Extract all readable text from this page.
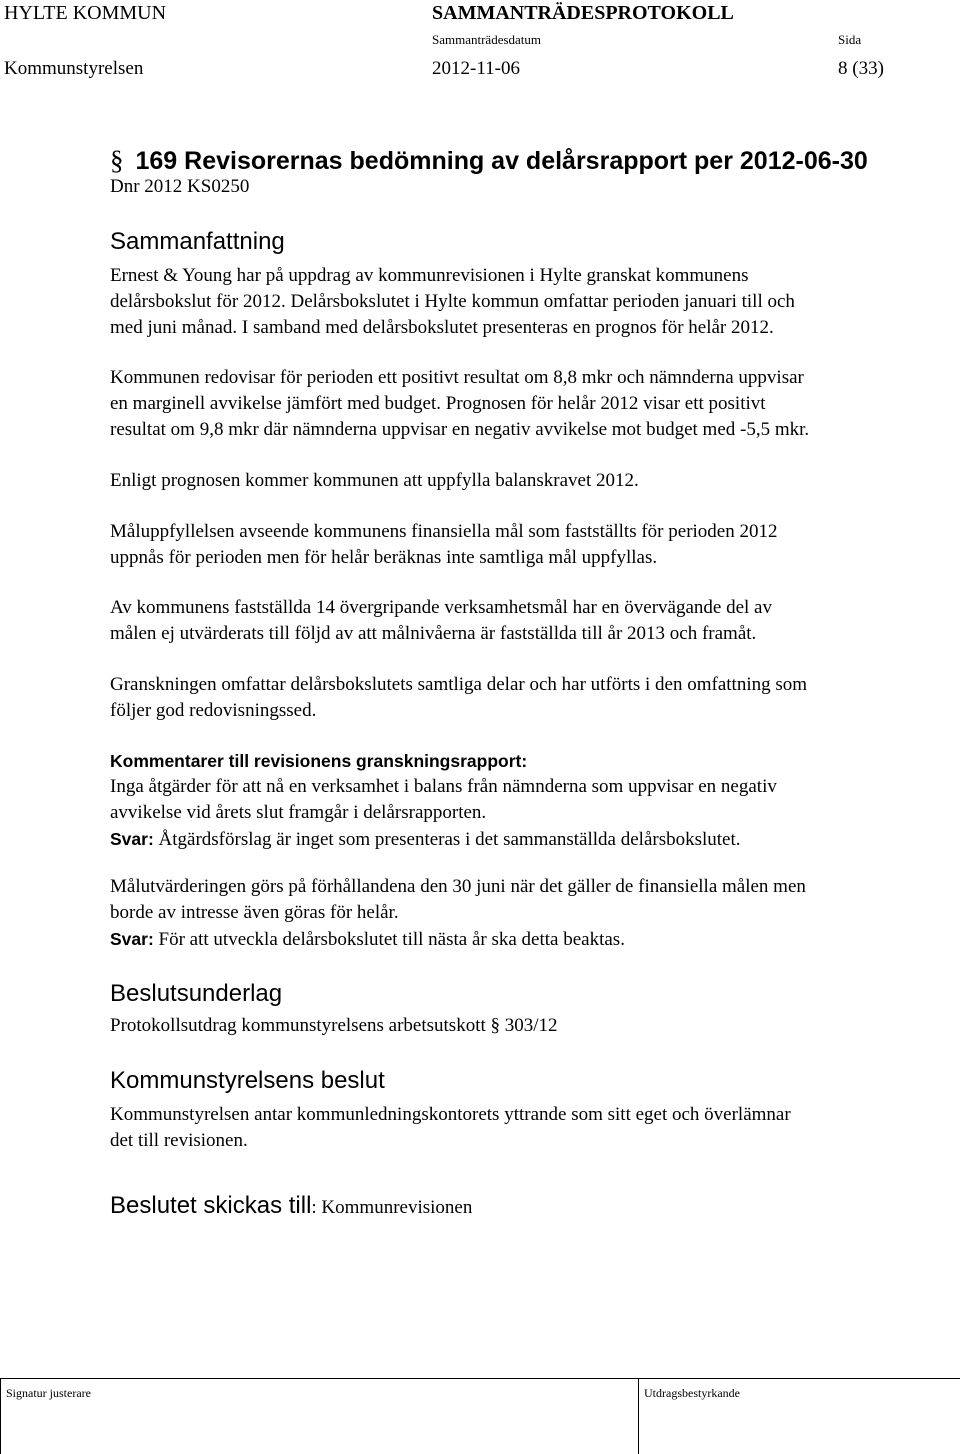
HYLTE KOMMUN	SAMMANTRÄDESPROTOKOLL
Sammanträdesdatum	Sida
Kommunstyrelsen	2012-11-06	8 (33)
§ 169 Revisorernas bedömning av delårsrapport per 2012-06-30
Dnr 2012 KS0250
Sammanfattning
Ernest & Young har på uppdrag av kommunrevisionen i Hylte granskat kommunens
delårsbokslut för 2012. Delårsbokslutet i Hylte kommun omfattar perioden januari till och
med juni månad. I samband med delårsbokslutet presenteras en prognos för helår 2012.
Kommunen redovisar för perioden ett positivt resultat om 8,8 mkr och nämnderna uppvisar
en marginell avvikelse jämfört med budget. Prognosen för helår 2012 visar ett positivt
resultat om 9,8 mkr där nämnderna uppvisar en negativ avvikelse mot budget med -5,5 mkr.
Enligt prognosen kommer kommunen att uppfylla balanskravet 2012.
Måluppfyllelsen avseende kommunens finansiella mål som fastställts för perioden 2012
uppnås för perioden men för helår beräknas inte samtliga mål uppfyllas.
Av kommunens fastställda 14 övergripande verksamhetsmål har en övervägande del av
målen ej utvärderats till följd av att målnivåerna är fastställda till år 2013 och framåt.
Granskningen omfattar delårsbokslutets samtliga delar och har utförts i den omfattning som
följer god redovisningssed.
Kommentarer till revisionens granskningsrapport:
Inga åtgärder för att nå en verksamhet i balans från nämnderna som uppvisar en negativ
avvikelse vid årets slut framgår i delårsrapporten.
Svar: Åtgärdsförslag är inget som presenteras i det sammanställda delårsbokslutet.
Målutvärderingen görs på förhållandena den 30 juni när det gäller de finansiella målen men
borde av intresse även göras för helår.
Svar: För att utveckla delårsbokslutet till nästa år ska detta beaktas.
Beslutsunderlag
Protokollsutdrag kommunstyrelsens arbetsutskott § 303/12
Kommunstyrelsens beslut
Kommunstyrelsen antar kommunledningskontorets yttrande som sitt eget och överlämnar
det till revisionen.
Beslutet skickas till: Kommunrevisionen
Signatur justerare	Utdragsbestyrkande
